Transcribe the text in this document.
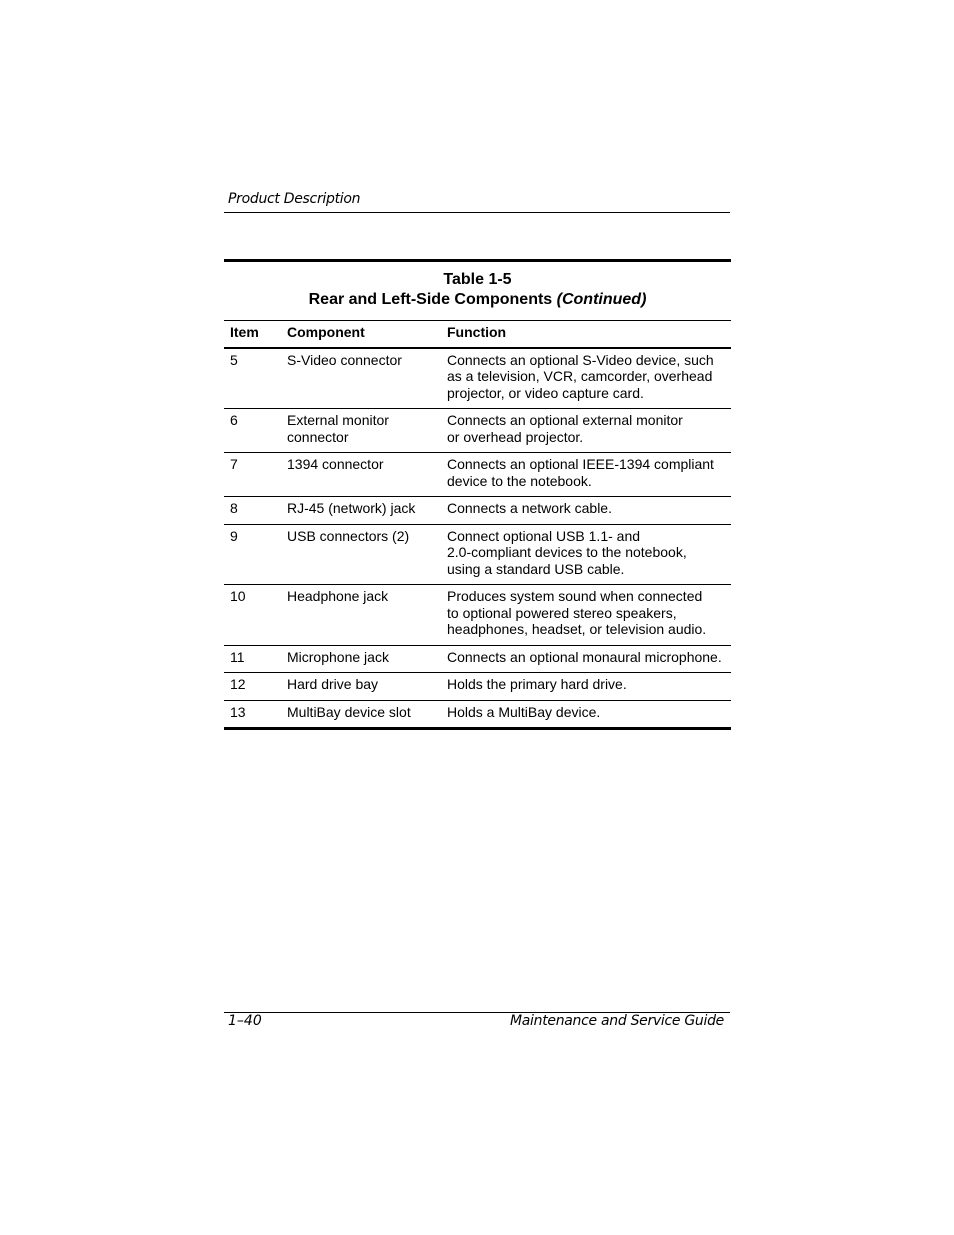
Product Description
Table 1-5
Rear and Left-Side Components (Continued)
Item	Component	Function
5	S-Video connector	Connects an optional S-Video device, such
as a television, VCR, camcorder, overhead
projector, or video capture card.
6	External monitor
connector	Connects an optional external monitor
or overhead projector.
7	1394 connector	Connects an optional IEEE-1394 compliant
device to the notebook.
8	RJ-45 (network) jack	Connects a network cable.
9	USB connectors (2)	Connect optional USB 1.1- and
2.0-compliant devices to the notebook,
using a standard USB cable.
10	Headphone jack	Produces system sound when connected
to optional powered stereo speakers,
headphones, headset, or television audio.
11	Microphone jack	Connects an optional monaural microphone.
12	Hard drive bay	Holds the primary hard drive.
13	MultiBay device slot	Holds a MultiBay device.
1–40	Maintenance and Service Guide
